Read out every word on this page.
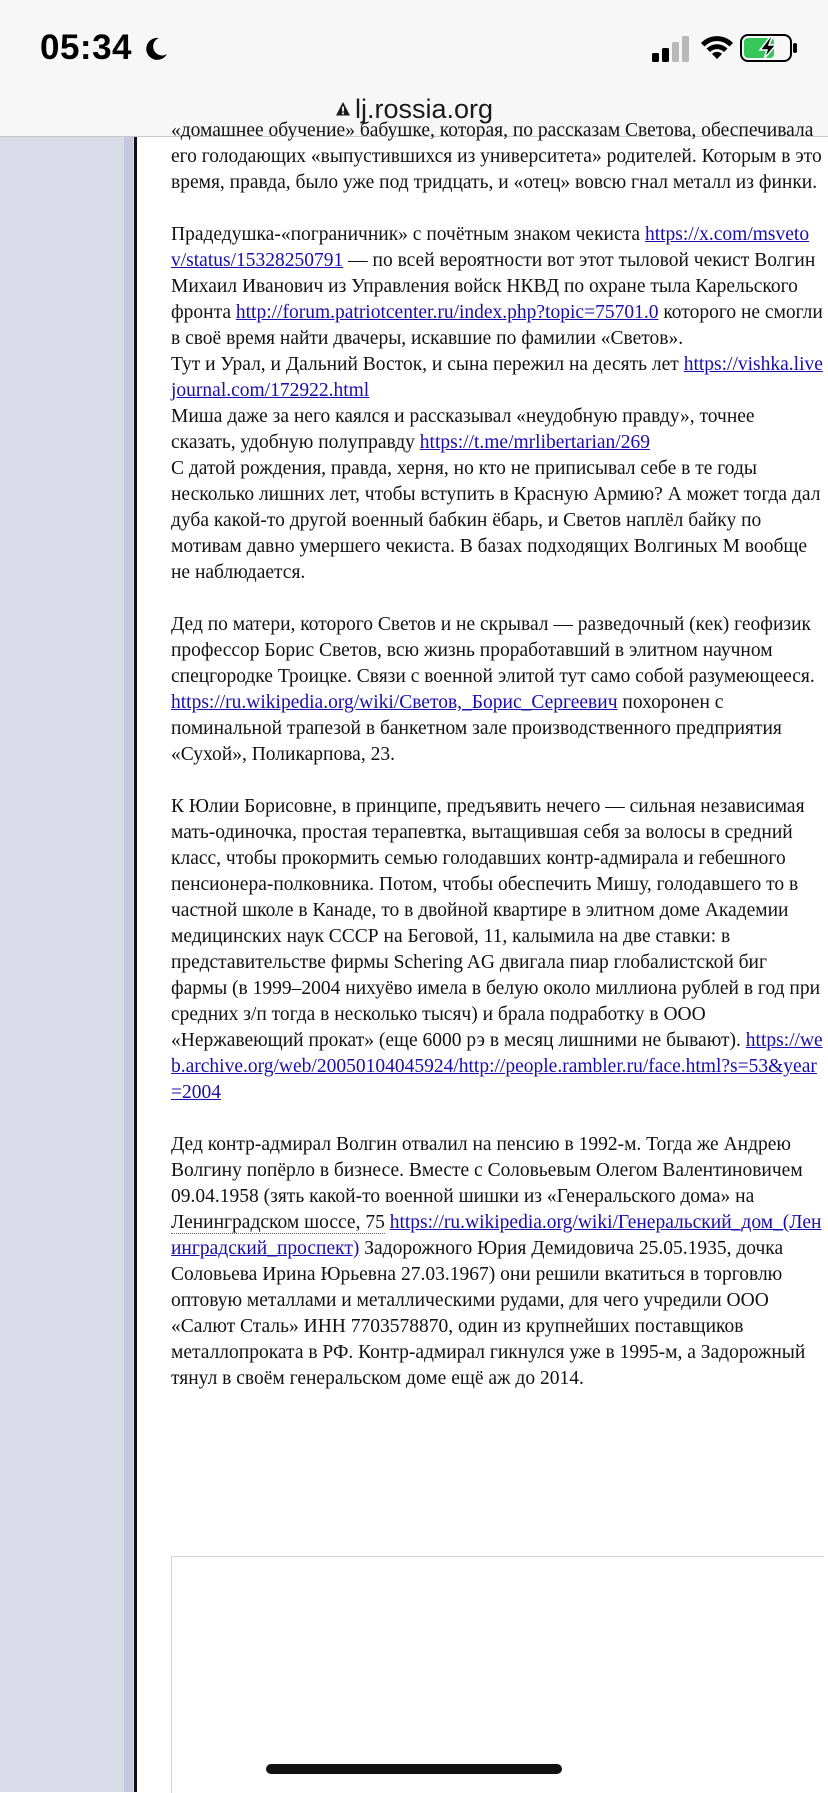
05:34
lj.rossia.org

«домашнее обучение» бабушке, которая, по рассказам Светова, обеспечивала его голодающих «выпустившихся из университета» родителей. Которым в это время, правда, было уже под тридцать, и «отец» вовсю гнал металл из финки.

Прадедушка-«пограничник» с почётным знаком чекиста https://x.com/msvetov/status/15328250791 — по всей вероятности вот этот тыловой чекист Волгин Михаил Иванович из Управления войск НКВД по охране тыла Карельского фронта http://forum.patriotcenter.ru/index.php?topic=75701.0 которого не смогли в своё время найти двачеры, искавшие по фамилии «Светов».
Тут и Урал, и Дальний Восток, и сына пережил на десять лет https://vishka.livejournal.com/172922.html
Миша даже за него каялся и рассказывал «неудобную правду», точнее сказать, удобную полуправду https://t.me/mrlibertarian/269
С датой рождения, правда, херня, но кто не приписывал себе в те годы несколько лишних лет, чтобы вступить в Красную Армию? А может тогда дал дуба какой-то другой военный бабкин ёбарь, и Светов наплёл байку по мотивам давно умершего чекиста. В базах подходящих Волгиных М вообще не наблюдается.

Дед по матери, которого Светов и не скрывал — разведочный (кек) геофизик профессор Борис Светов, всю жизнь проработавший в элитном научном спецгородке Троицке. Связи с военной элитой тут само собой разумеющееся. https://ru.wikipedia.org/wiki/Светов,_Борис_Сергеевич похоронен с поминальной трапезой в банкетном зале производственного предприятия «Сухой», Поликарпова, 23.

К Юлии Борисовне, в принципе, предъявить нечего — сильная независимая мать-одиночка, простая терапевтка, вытащившая себя за волосы в средний класс, чтобы прокормить семью голодавших контр-адмирала и гебешного пенсионера-полковника. Потом, чтобы обеспечить Мишу, голодавшего то в частной школе в Канаде, то в двойной квартире в элитном доме Академии медицинских наук СССР на Беговой, 11, калымила на две ставки: в представительстве фирмы Schering AG двигала пиар глобалистской биг фармы (в 1999–2004 нихуёво имела в белую около миллиона рублей в год при средних з/п тогда в несколько тысяч) и брала подработку в ООО «Нержавеющий прокат» (еще 6000 рэ в месяц лишними не бывают). https://web.archive.org/web/20050104045924/http://people.rambler.ru/face.html?s=53&year=2004

Дед контр-адмирал Волгин отвалил на пенсию в 1992-м. Тогда же Андрею Волгину попёрло в бизнесе. Вместе с Соловьевым Олегом Валентиновичем 09.04.1958 (зять какой-то военной шишки из «Генеральского дома» на Ленинградском шоссе, 75 https://ru.wikipedia.org/wiki/Генеральский_дом_(Ленинградский_проспект) Задорожного Юрия Демидовича 25.05.1935, дочка Соловьева Ирина Юрьевна 27.03.1967) они решили вкатиться в торговлю оптовую металлами и металлическими рудами, для чего учредили ООО «Салют Сталь» ИНН 7703578870, один из крупнейших поставщиков металлопроката в РФ. Контр-адмирал гикнулся уже в 1995-м, а Задорожный тянул в своём генеральском доме ещё аж до 2014.
